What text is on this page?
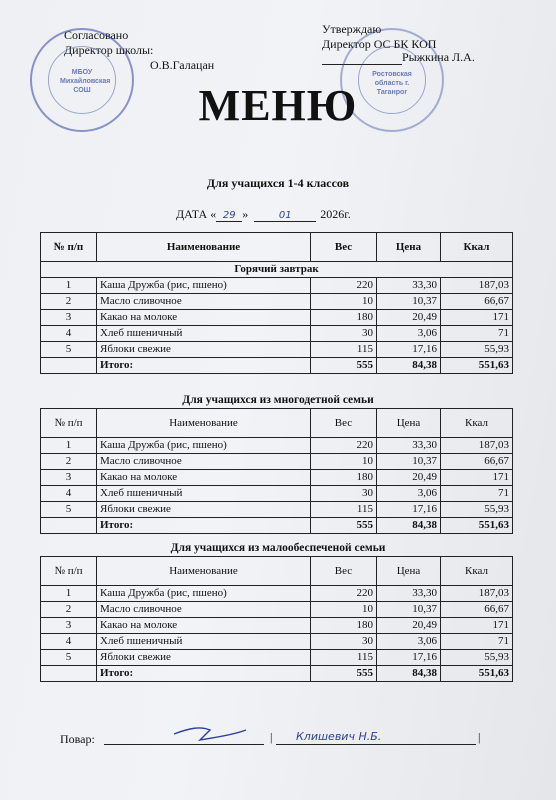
Согласовано
Директор школы:
О.В.Галацан
Утверждаю
Директор ОС БК КОП
Рыжкина Л.А.
МБОУ Михайловская СОШ
Ростовская область г. Таганрог
МЕНЮ
Для учащихся 1-4 классов
ДАТА « 29 »	01 2026г.
№ п/п	Наименование	Вес	Цена	Ккал
Горячий завтрак				
1	Каша Дружба (рис, пшено)	220	33,30	187,03
2	Масло сливочное	10	10,37	66,67
3	Какао на молоке	180	20,49	171
4	Хлеб пшеничный	30	3,06	71
5	Яблоки свежие	115	17,16	55,93
	Итого:	555	84,38	551,63
Для учащихся из многодетной семьи
№ п/п	Наименование	Вес	Цена	Ккал
1	Каша Дружба (рис, пшено)	220	33,30	187,03
2	Масло сливочное	10	10,37	66,67
3	Какао на молоке	180	20,49	171
4	Хлеб пшеничный	30	3,06	71
5	Яблоки свежие	115	17,16	55,93
	Итого:	555	84,38	551,63
Для учащихся из малообеспеченой семьи
№ п/п	Наименование	Вес	Цена	Ккал
1	Каша Дружба (рис, пшено)	220	33,30	187,03
2	Масло сливочное	10	10,37	66,67
3	Какао на молоке	180	20,49	171
4	Хлеб пшеничный	30	3,06	71
5	Яблоки свежие	115	17,16	55,93
	Итого:	555	84,38	551,63
Повар:	| Клишевич Н.Б.	|
